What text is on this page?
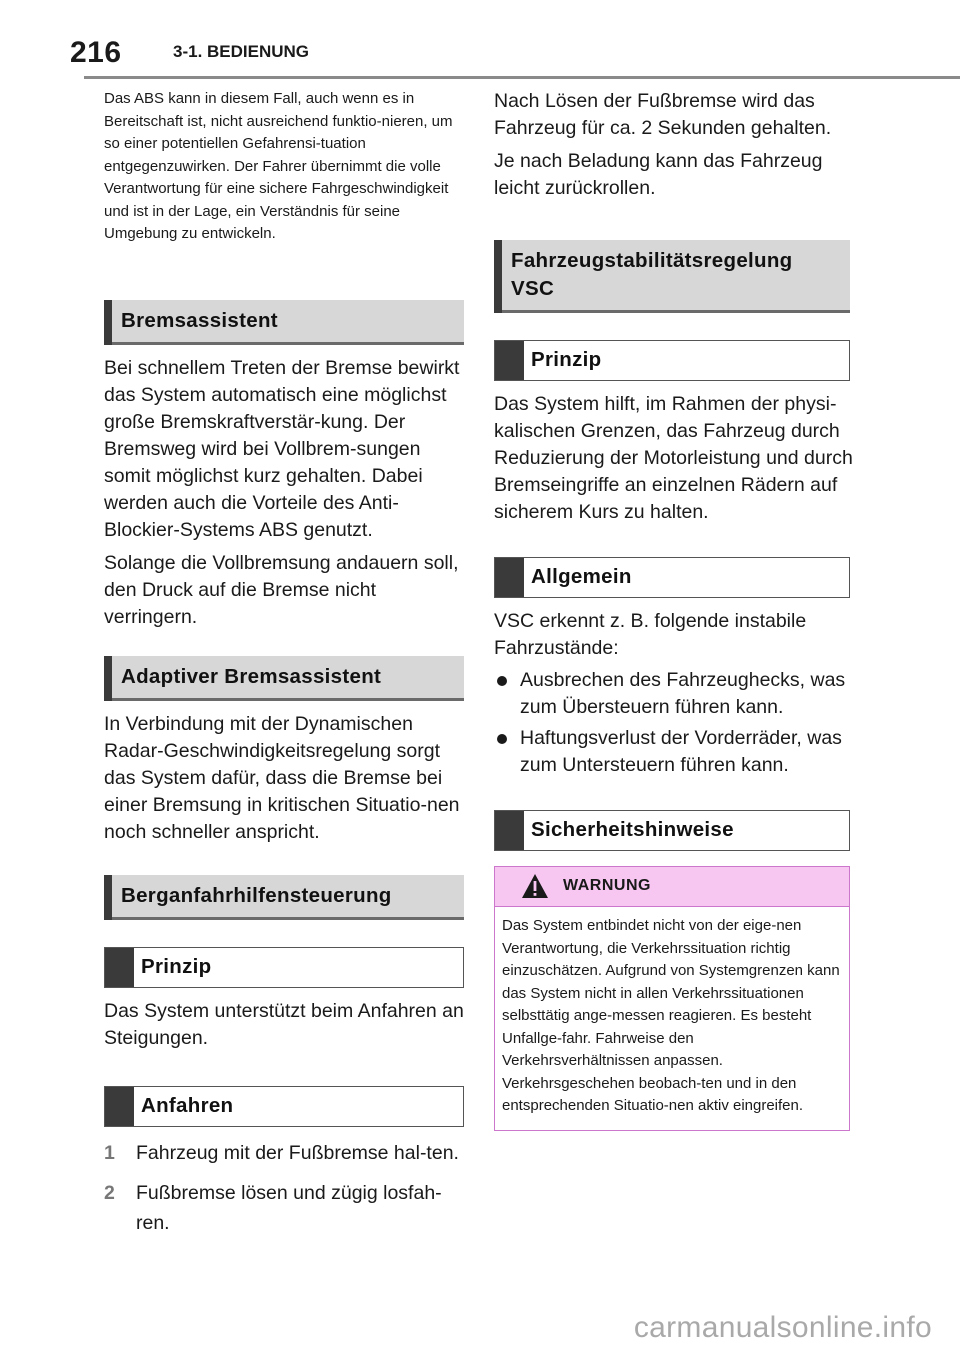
216	3-1. BEDIENUNG

Das ABS kann in diesem Fall, auch wenn es in Bereitschaft ist, nicht ausreichend funktio-nieren, um so einer potentiellen Gefahrensi-tuation entgegenzuwirken. Der Fahrer übernimmt die volle Verantwortung für eine sichere Fahrgeschwindigkeit und ist in der Lage, ein Verständnis für seine Umgebung zu entwickeln.

Bremsassistent

Bei schnellem Treten der Bremse bewirkt das System automatisch eine möglichst große Bremskraftverstär-kung. Der Bremsweg wird bei Vollbrem-sungen somit möglichst kurz gehalten. Dabei werden auch die Vorteile des Anti-Blockier-Systems ABS genutzt.

Solange die Vollbremsung andauern soll, den Druck auf die Bremse nicht verringern.

Adaptiver Bremsassistent

In Verbindung mit der Dynamischen Radar-Geschwindigkeitsregelung sorgt das System dafür, dass die Bremse bei einer Bremsung in kritischen Situatio-nen noch schneller anspricht.

Berganfahrhilfensteuerung
Prinzip

Das System unterstützt beim Anfahren an Steigungen.

Anfahren
1 Fahrzeug mit der Fußbremse hal-ten.
2 Fußbremse lösen und zügig losfah-ren.

Nach Lösen der Fußbremse wird das Fahrzeug für ca. 2 Sekunden gehalten.

Je nach Beladung kann das Fahrzeug leicht zurückrollen.

Fahrzeugstabilitätsregelung VSC
Prinzip

Das System hilft, im Rahmen der physi-kalischen Grenzen, das Fahrzeug durch Reduzierung der Motorleistung und durch Bremseingriffe an einzelnen Rädern auf sicherem Kurs zu halten.

Allgemein

VSC erkennt z. B. folgende instabile Fahrzustände:

Ausbrechen des Fahrzeughecks, was zum Übersteuern führen kann.
Haftungsverlust der Vorderräder, was zum Untersteuern führen kann.
Sicherheitshinweise
WARNUNG

Das System entbindet nicht von der eige-nen Verantwortung, die Verkehrssituation richtig einzuschätzen. Aufgrund von Systemgrenzen kann das System nicht in allen Verkehrssituationen selbsttätig ange-messen reagieren. Es besteht Unfallge-fahr. Fahrweise den Verkehrsverhältnissen anpassen. Verkehrsgeschehen beobach-ten und in den entsprechenden Situatio-nen aktiv eingreifen.

carmanualsonline.info
